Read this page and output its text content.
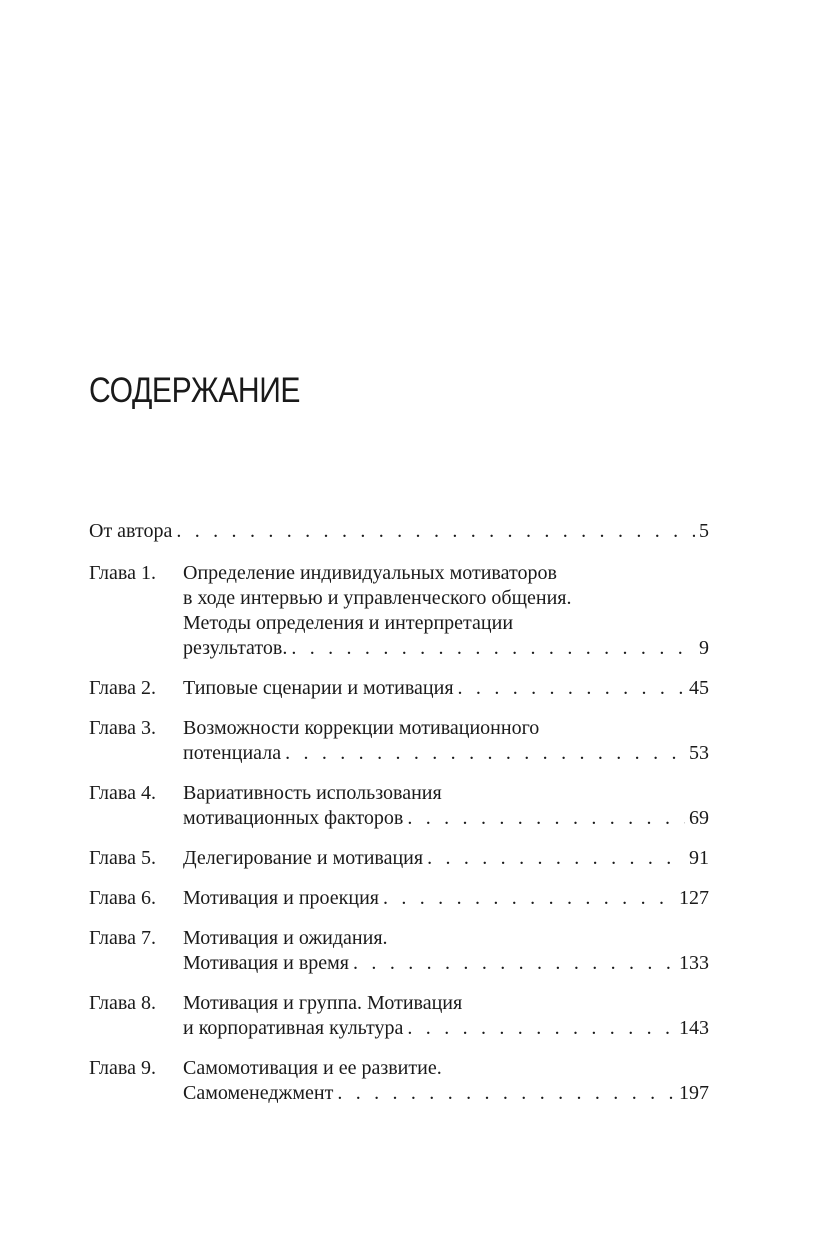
СОДЕРЖАНИЕ
От автора . . .	5
Глава 1. Определение индивидуальных мотиваторов
в ходе интервью и управленческого общения.
Методы определения и интерпретации
результатов. . . .	9
Глава 2. Типовые сценарии и мотивация . . .	45
Глава 3. Возможности коррекции мотивационного
потенциала . . .	53
Глава 4. Вариативность использования
мотивационных факторов . . .	69
Глава 5. Делегирование и мотивация . . .	91
Глава 6. Мотивация и проекция . . .	127
Глава 7. Мотивация и ожидания.
Мотивация и время . . .	133
Глава 8. Мотивация и группа. Мотивация
и корпоративная культура . . .	143
Глава 9. Самомотивация и ее развитие.
Самоменеджмент . . .	197
